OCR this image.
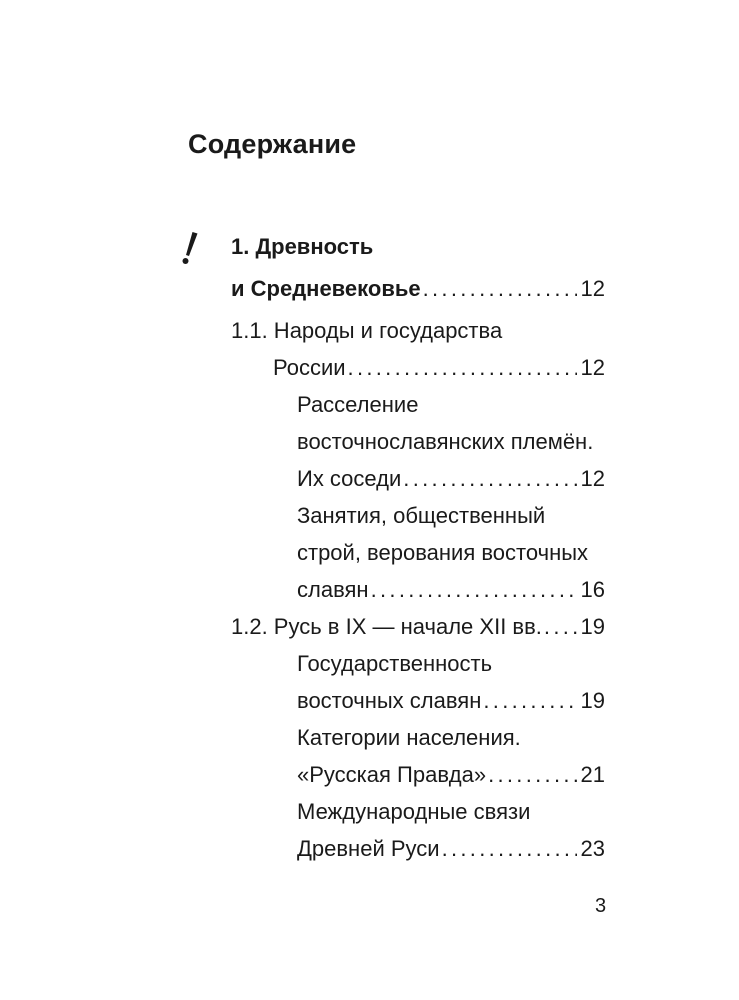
Содержание
1. Древность
и Средневековье .....	12
1.1. Народы и государства
России .....	12
Расселение
восточнославянских племён.
Их соседи .....	12
Занятия, общественный
строй, верования восточных
славян .....	16
1.2. Русь в IX — начале XII вв. ..... 19
Государственность
восточных славян .....	19
Категории населения.
«Русская Правда» .....	21
Международные связи
Древней Руси .....	23
3
